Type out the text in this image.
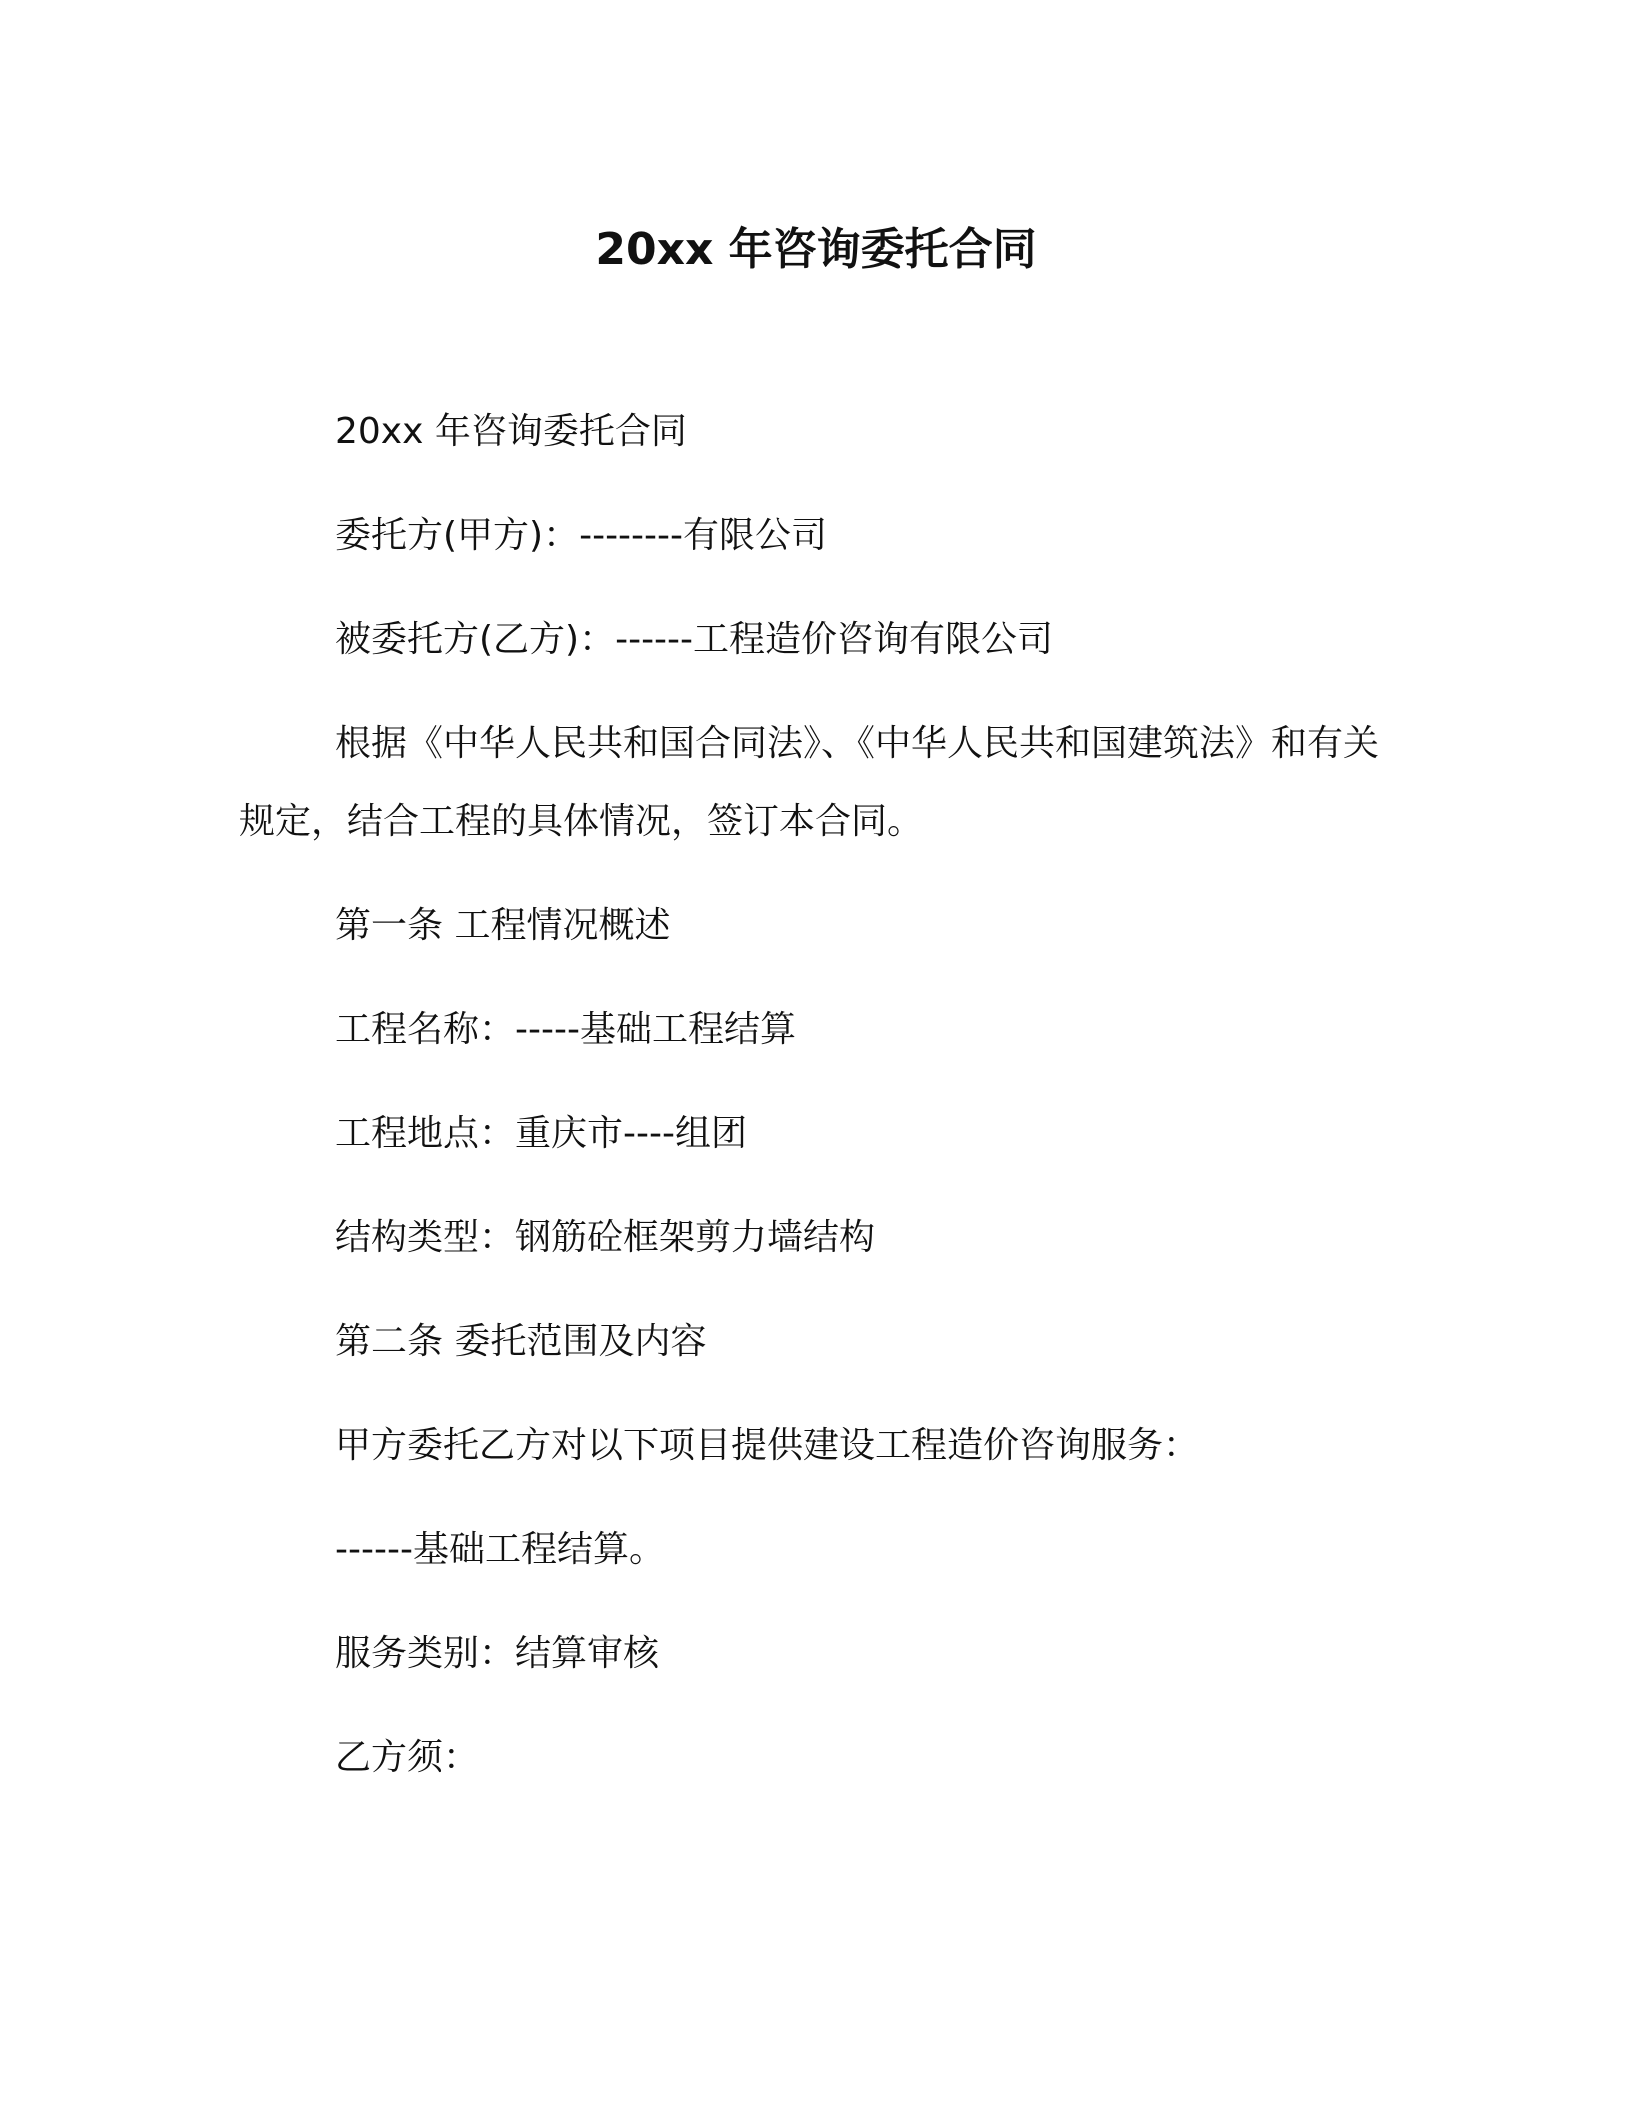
20xx 年咨询委托合同

20xx 年咨询委托合同

委托方(甲方)：--------有限公司

被委托方(乙方)：------工程造价咨询有限公司

根据《中华人民共和国合同法》、《中华人民共和国建筑法》和有关规定，结合工程的具体情况，签订本合同。

第一条 工程情况概述

工程名称：-----基础工程结算

工程地点：重庆市----组团

结构类型：钢筋砼框架剪力墙结构

第二条 委托范围及内容

甲方委托乙方对以下项目提供建设工程造价咨询服务：

------基础工程结算。

服务类别：结算审核

乙方须：
